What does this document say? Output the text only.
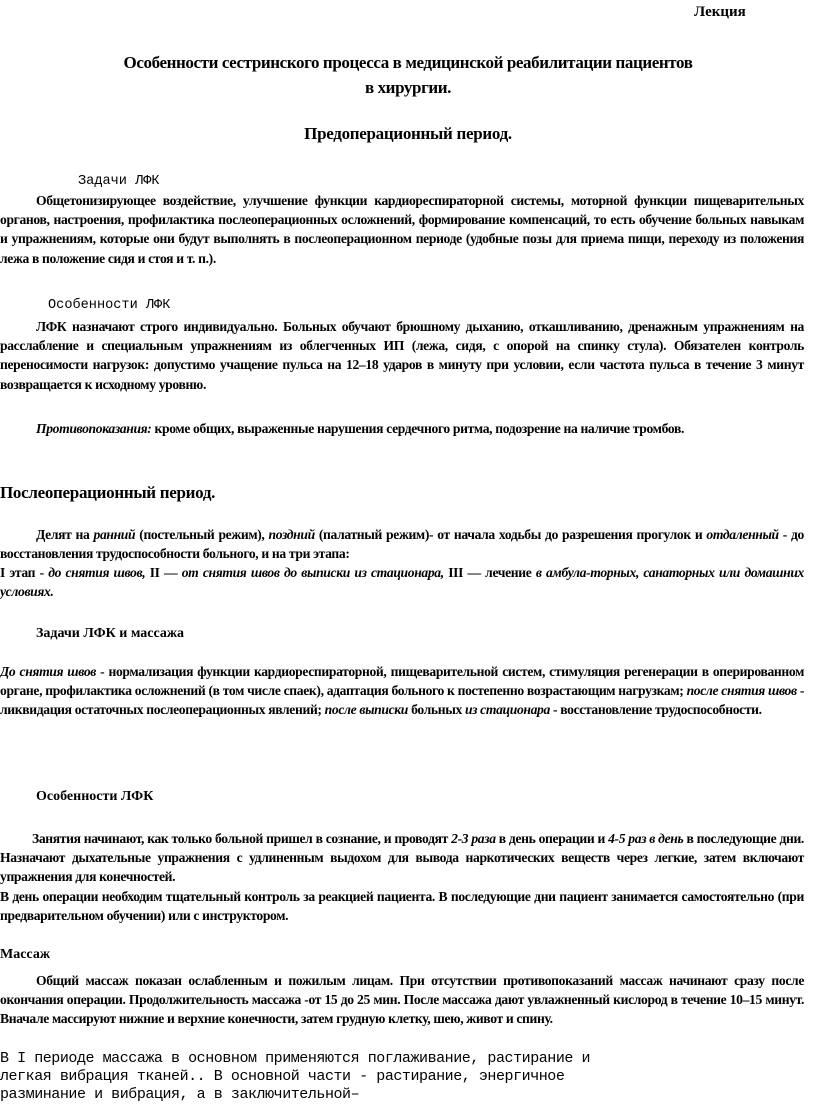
Лекция
Особенности сестринского процесса в медицинской реабилитации пациентов
в хирургии.
Предоперационный период.
Задачи ЛФК
Общетонизирующее воздействие, улучшение функции кардиореспираторной системы, моторной функции пищеварительных органов, настроения, профилактика послеоперационных осложнений, формирование компенсаций, то есть обучение больных навыкам и упражнениям, которые они будут выполнять в послеоперационном периоде (удобные позы для приема пищи, переходу из положения лежа в положение сидя и стоя и т. п.).
Особенности ЛФК
ЛФК назначают строго индивидуально. Больных обучают брюшному дыханию, откашливанию, дренажным упражнениям на расслабление и специальным упражнениям из облегченных ИП (лежа, сидя, с опорой на спинку стула). Обязателен контроль переносимости нагрузок: допустимо учащение пульса на 12–18 ударов в минуту при условии, если частота пульса в течение 3 минут возвращается к исходному уровню.
Противопоказания: кроме общих, выраженные нарушения сердечного ритма, подозрение на наличие тромбов.
Послеоперационный период.
Делят на ранний (постельный режим), поздний (палатный режим)- от начала ходьбы до разрешения прогулок и отдаленный - до восстановления трудоспособности больного, и на три этапа:
I этап - до снятия швов, II — от снятия швов до выписки из стационара, III — лечение в амбула-торных, санаторных или домашних условиях.
Задачи ЛФК и массажа
До снятия швов - нормализация функции кардиореспираторной, пищеварительной систем, стимуляция регенерации в оперированном органе, профилактика осложнений (в том числе спаек), адаптация больного к постепенно возрастающим нагрузкам; после снятия швов - ликвидация остаточных послеоперационных явлений; после выписки больных из стационара - восстановление трудоспособности.
Особенности ЛФК
Занятия начинают, как только больной пришел в сознание, и проводят 2-3 раза в день операции и 4-5 раз в день в последующие дни. Назначают дыхательные упражнения с удлиненным выдохом для вывода наркотических веществ через легкие, затем включают упражнения для конечностей.
В день операции необходим тщательный контроль за реакцией пациента. В последующие дни пациент занимается самостоятельно (при предварительном обучении) или с инструктором.
Массаж
Общий массаж показан ослабленным и пожилым лицам. При отсутствии противопоказаний массаж начинают сразу после окончания операции. Продолжительность массажа -от 15 до 25 мин. После массажа дают увлажненный кислород в течение 10–15 минут. Вначале массируют нижние и верхние конечности, затем грудную клетку, шею, живот и спину.
В I периоде массажа в основном применяются поглаживание, растирание и
легкая вибрация тканей.. В основной части - растирание, энергичное
разминание и вибрация, а в заключительной–
